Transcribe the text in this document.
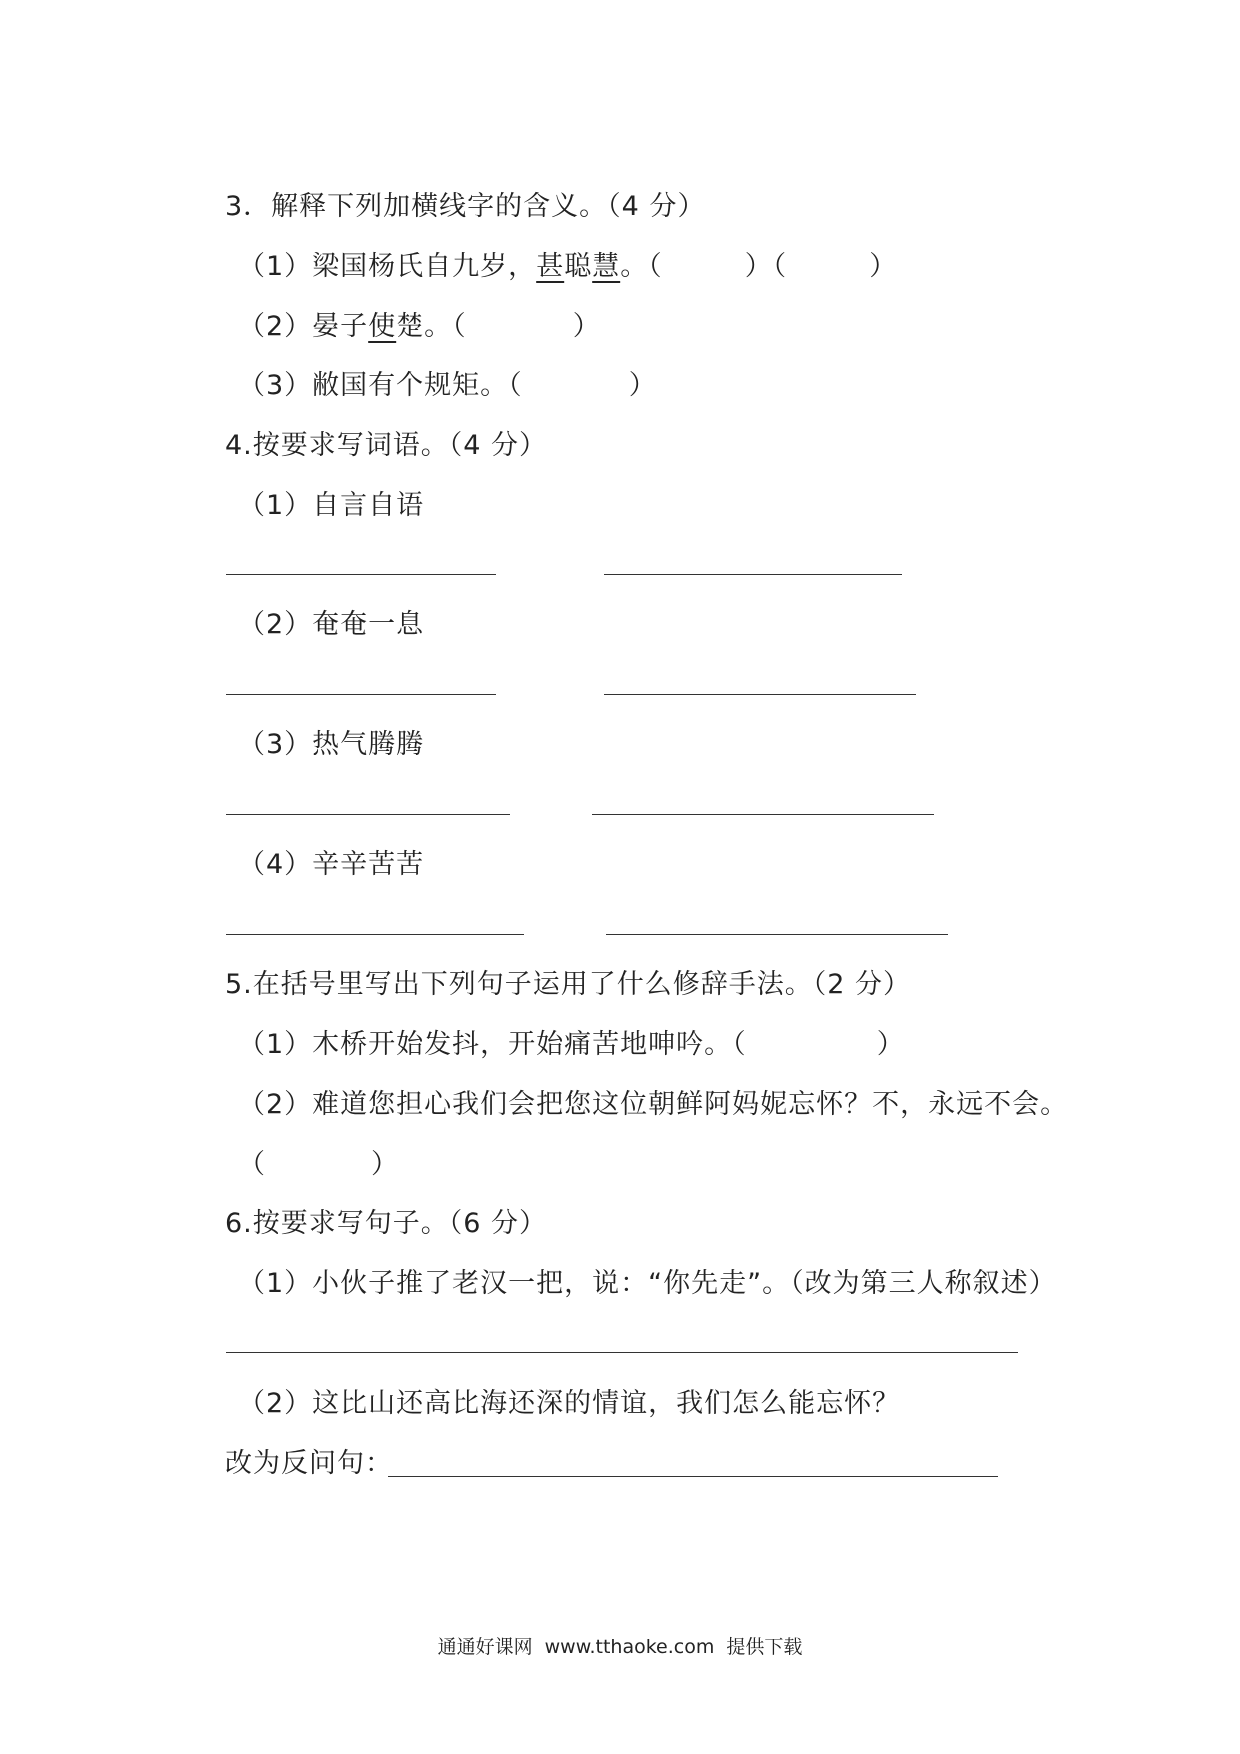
3．解释下列加横线字的含义。（4 分）
（1）梁国杨氏自九岁，甚聪慧。（	）（	）
（2）晏子使楚。（	）
（3）敝国有个规矩。（	）
4.按要求写词语。（4 分）
（1）自言自语
（2）奄奄一息
（3）热气腾腾
（4）辛辛苦苦
5.在括号里写出下列句子运用了什么修辞手法。（2 分）
（1）木桥开始发抖，开始痛苦地呻吟。（	）
（2）难道您担心我们会把您这位朝鲜阿妈妮忘怀？不，永远不会。
（	）
6.按要求写句子。（6 分）
（1）小伙子推了老汉一把，说：“你先走”。（改为第三人称叙述）
（2）这比山还高比海还深的情谊，我们怎么能忘怀？
改为反问句：
通通好课网 www.tthaoke.com 提供下载
